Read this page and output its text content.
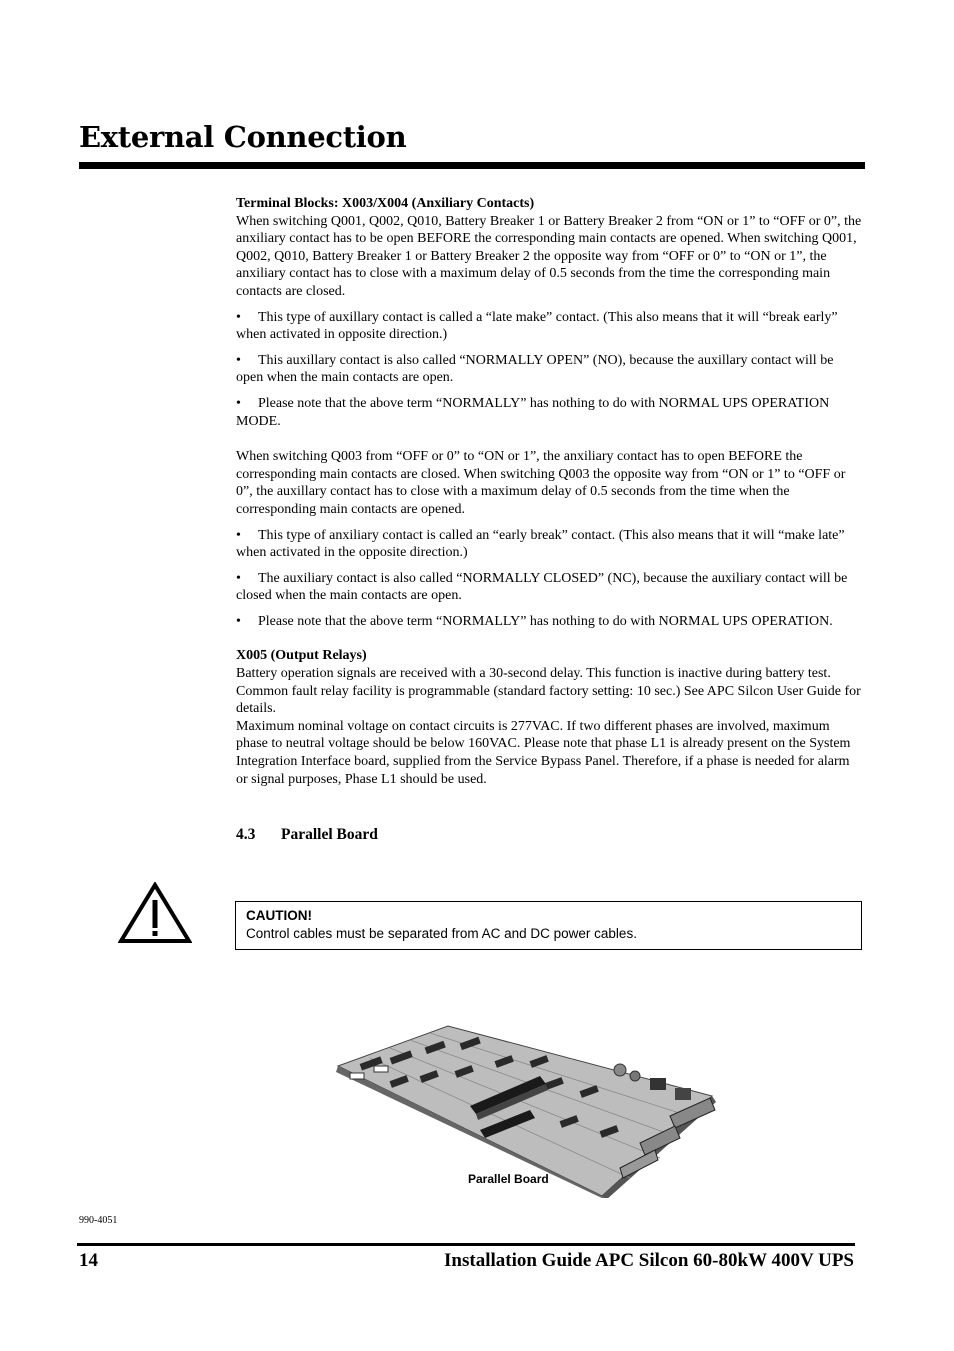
External Connection

Terminal Blocks: X003/X004 (Anxiliary Contacts)

When switching Q001, Q002, Q010, Battery Breaker 1 or Battery Breaker 2 from “ON or 1” to “OFF or 0”, the anxiliary contact has to be open BEFORE the corresponding main contacts are opened. When switching Q001, Q002, Q010, Battery Breaker 1 or Battery Breaker 2 the opposite way from “OFF or 0” to “ON or 1”, the anxiliary contact has to close with a maximum delay of 0.5 seconds from the time the corresponding main contacts are closed.

• This type of auxillary contact is called a “late make” contact. (This also means that it will “break early” when activated in opposite direction.)

• This auxillary contact is also called “NORMALLY OPEN” (NO), because the auxillary contact will be open when the main contacts are open.

• Please note that the above term “NORMALLY” has nothing to do with NORMAL UPS OPERATION MODE.

When switching Q003 from “OFF or 0” to “ON or 1”, the anxiliary contact has to open BEFORE the corresponding main contacts are closed. When switching Q003 the opposite way from “ON or 1” to “OFF or 0”, the auxillary contact has to close with a maximum delay of 0.5 seconds from the time when the corresponding main contacts are opened.

• This type of anxiliary contact is called an “early break” contact. (This also means that it will “make late” when activated in the opposite direction.)

• The auxiliary contact is also called “NORMALLY CLOSED” (NC), because the auxiliary contact will be closed when the main contacts are open.

• Please note that the above term “NORMALLY” has nothing to do with NORMAL UPS OPERATION.

X005 (Output Relays)

Battery operation signals are received with a 30-second delay. This function is inactive during battery test. Common fault relay facility is programmable (standard factory setting: 10 sec.) See APC Silcon User Guide for details.

Maximum nominal voltage on contact circuits is 277VAC. If two different phases are involved, maximum phase to neutral voltage should be below 160VAC. Please note that phase L1 is already present on the System Integration Interface board, supplied from the Service Bypass Panel. Therefore, if a phase is needed for alarm or signal purposes, Phase L1 should be used.

4.3 Parallel Board
CAUTION!
Control cables must be separated from AC and DC power cables.
Parallel Board
990-4051
14	Installation Guide APC Silcon 60-80kW 400V UPS
